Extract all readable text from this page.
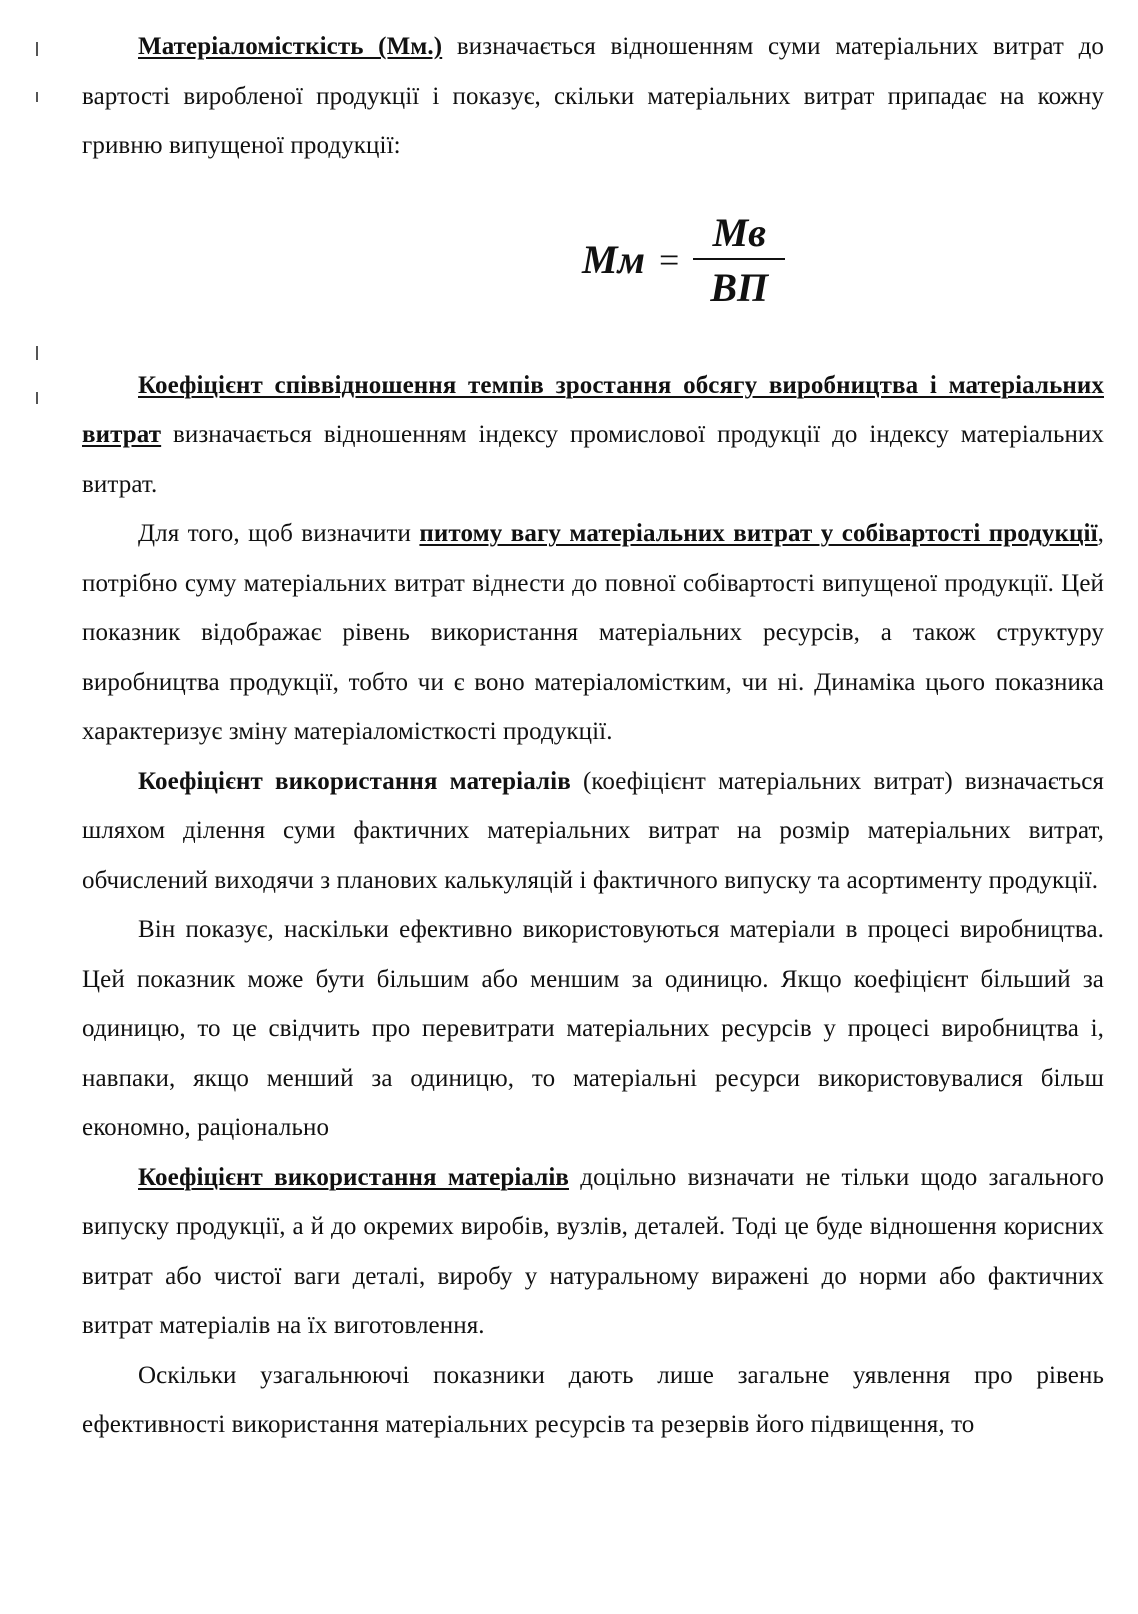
Матеріаломісткість (Мм.) визначається відношенням суми матеріальних витрат до вартості виробленої продукції і показує, скільки матеріальних витрат припадає на кожну гривню випущеної продукції:

Мм = $\frac{Мв}{ВП}$

Коефіцієнт співвідношення темпів зростання обсягу виробництва і матеріальних витрат визначається відношенням індексу промислової продукції до індексу матеріальних витрат.

Для того, щоб визначити питому вагу матеріальних витрат у собівартості продукції, потрібно суму матеріальних витрат віднести до повної собівартості випущеної продукції. Цей показник відображає рівень використання матеріальних ресурсів, а також структуру виробництва продукції, тобто чи є воно матеріаломістким, чи ні. Динаміка цього показника характеризує зміну матеріаломісткості продукції.

Коефіцієнт використання матеріалів (коефіцієнт матеріальних витрат) визначається шляхом ділення суми фактичних матеріальних витрат на розмір матеріальних витрат, обчислений виходячи з планових калькуляцій і фактичного випуску та асортименту продукції.

Він показує, наскільки ефективно використовуються матеріали в процесі виробництва. Цей показник може бути більшим або меншим за одиницю. Якщо коефіцієнт більший за одиницю, то це свідчить про перевитрати матеріальних ресурсів у процесі виробництва і, навпаки, якщо менший за одиницю, то матеріальні ресурси використовувалися більш економно, раціонально

Коефіцієнт використання матеріалів доцільно визначати не тільки щодо загального випуску продукції, а й до окремих виробів, вузлів, деталей. Тоді це буде відношення корисних витрат або чистої ваги деталі, виробу у натуральному виражені до норми або фактичних витрат матеріалів на їх виготовлення.

Оскільки узагальнюючі показники дають лише загальне уявлення про рівень ефективності використання матеріальних ресурсів та резервів його підвищення, то
